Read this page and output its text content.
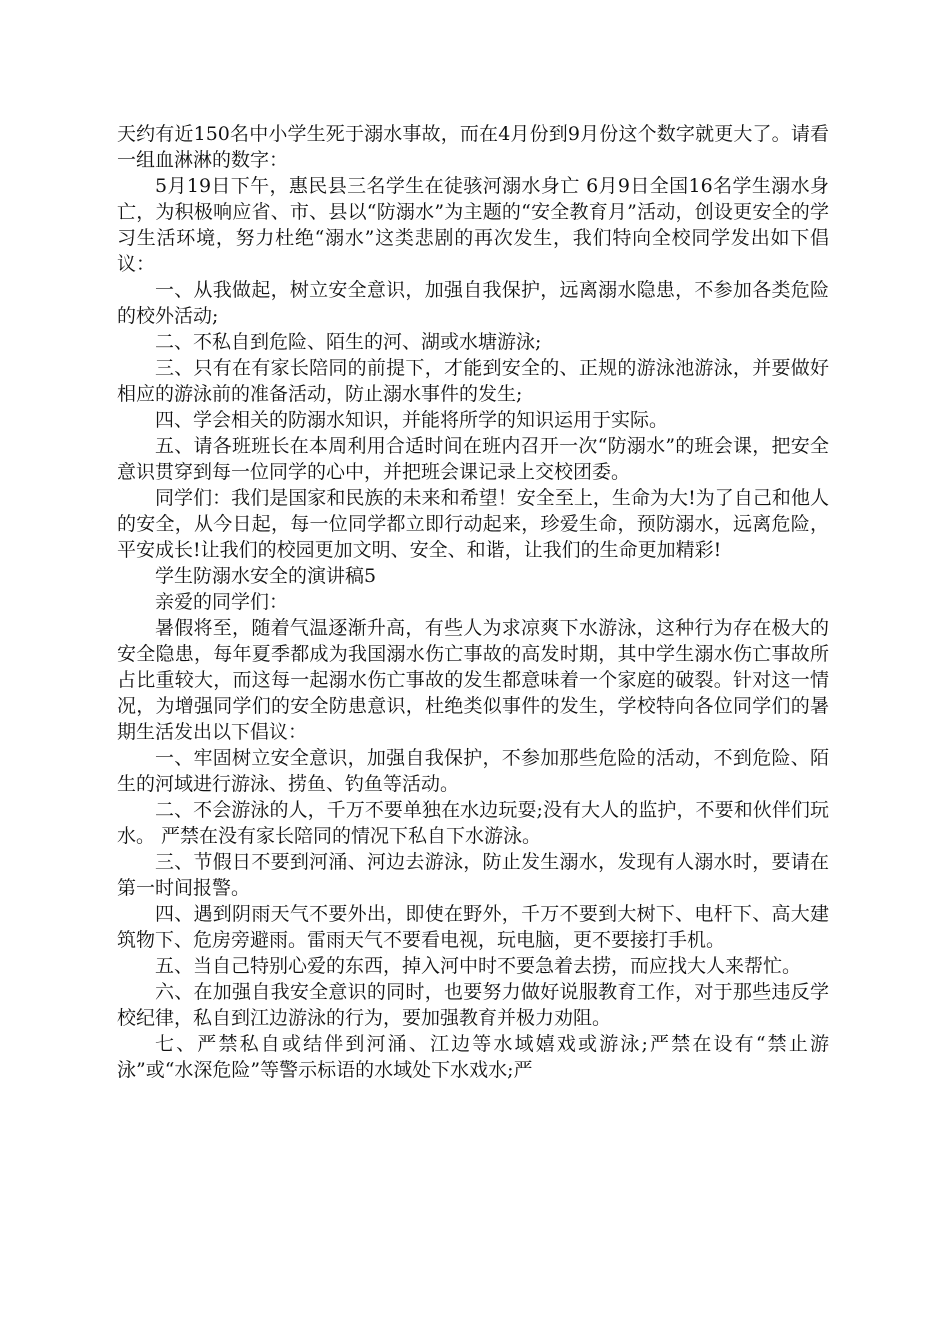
天约有近150名中小学生死于溺水事故，而在4月份到9月份这个数字就更大了。请看一组血淋淋的数字：

5月19日下午，惠民县三名学生在徒骇河溺水身亡 6月9日全国16名学生溺水身亡，为积极响应省、市、县以“防溺水”为主题的“安全教育月”活动，创设更安全的学习生活环境，努力杜绝“溺水”这类悲剧的再次发生，我们特向全校同学发出如下倡议：

一、从我做起，树立安全意识，加强自我保护，远离溺水隐患，不参加各类危险的校外活动;

二、不私自到危险、陌生的河、湖或水塘游泳;

三、只有在有家长陪同的前提下，才能到安全的、正规的游泳池游泳，并要做好相应的游泳前的准备活动，防止溺水事件的发生;

四、学会相关的防溺水知识，并能将所学的知识运用于实际。

五、请各班班长在本周利用合适时间在班内召开一次“防溺水”的班会课，把安全意识贯穿到每一位同学的心中，并把班会课记录上交校团委。

同学们：我们是国家和民族的未来和希望！安全至上，生命为大!为了自己和他人的安全，从今日起，每一位同学都立即行动起来，珍爱生命，预防溺水，远离危险，平安成长!让我们的校园更加文明、安全、和谐，让我们的生命更加精彩!

学生防溺水安全的演讲稿5

亲爱的同学们：

暑假将至，随着气温逐渐升高，有些人为求凉爽下水游泳，这种行为存在极大的安全隐患，每年夏季都成为我国溺水伤亡事故的高发时期，其中学生溺水伤亡事故所占比重较大，而这每一起溺水伤亡事故的发生都意味着一个家庭的破裂。针对这一情况，为增强同学们的安全防患意识，杜绝类似事件的发生，学校特向各位同学们的暑期生活发出以下倡议：

一、牢固树立安全意识，加强自我保护，不参加那些危险的活动，不到危险、陌生的河域进行游泳、捞鱼、钓鱼等活动。

二、不会游泳的人，千万不要单独在水边玩耍;没有大人的监护，不要和伙伴们玩水。 严禁在没有家长陪同的情况下私自下水游泳。

三、节假日不要到河涌、河边去游泳，防止发生溺水，发现有人溺水时，要请在第一时间报警。

四、遇到阴雨天气不要外出，即使在野外，千万不要到大树下、电杆下、高大建筑物下、危房旁避雨。雷雨天气不要看电视，玩电脑，更不要接打手机。

五、当自己特别心爱的东西，掉入河中时不要急着去捞，而应找大人来帮忙。

六、在加强自我安全意识的同时，也要努力做好说服教育工作，对于那些违反学校纪律，私自到江边游泳的行为，要加强教育并极力劝阻。

七、严禁私自或结伴到河涌、江边等水域嬉戏或游泳;严禁在设有“禁止游泳”或“水深危险”等警示标语的水域处下水戏水;严
